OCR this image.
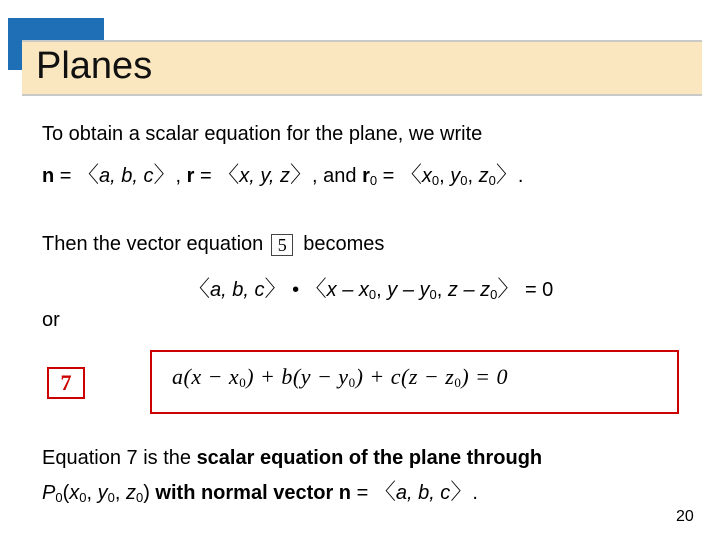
Planes
To obtain a scalar equation for the plane, we write
n = 〈a, b, c〉, r = 〈x, y, z〉, and $r_0$ = 〈$x_0$, $y_0$, $z_0$〉.
Then the vector equation 5 becomes
〈a, b, c〉 • 〈x – $x_0$, y – $y_0$, z – $z_0$〉 = 0
or
7	$a(x - x_0) + b(y - y_0) + c(z - z_0) = 0$
Equation 7 is the scalar equation of the plane through
$P_0(x_0$, $y_0$, $z_0$) with normal vector n = 〈a, b, c〉.
20
